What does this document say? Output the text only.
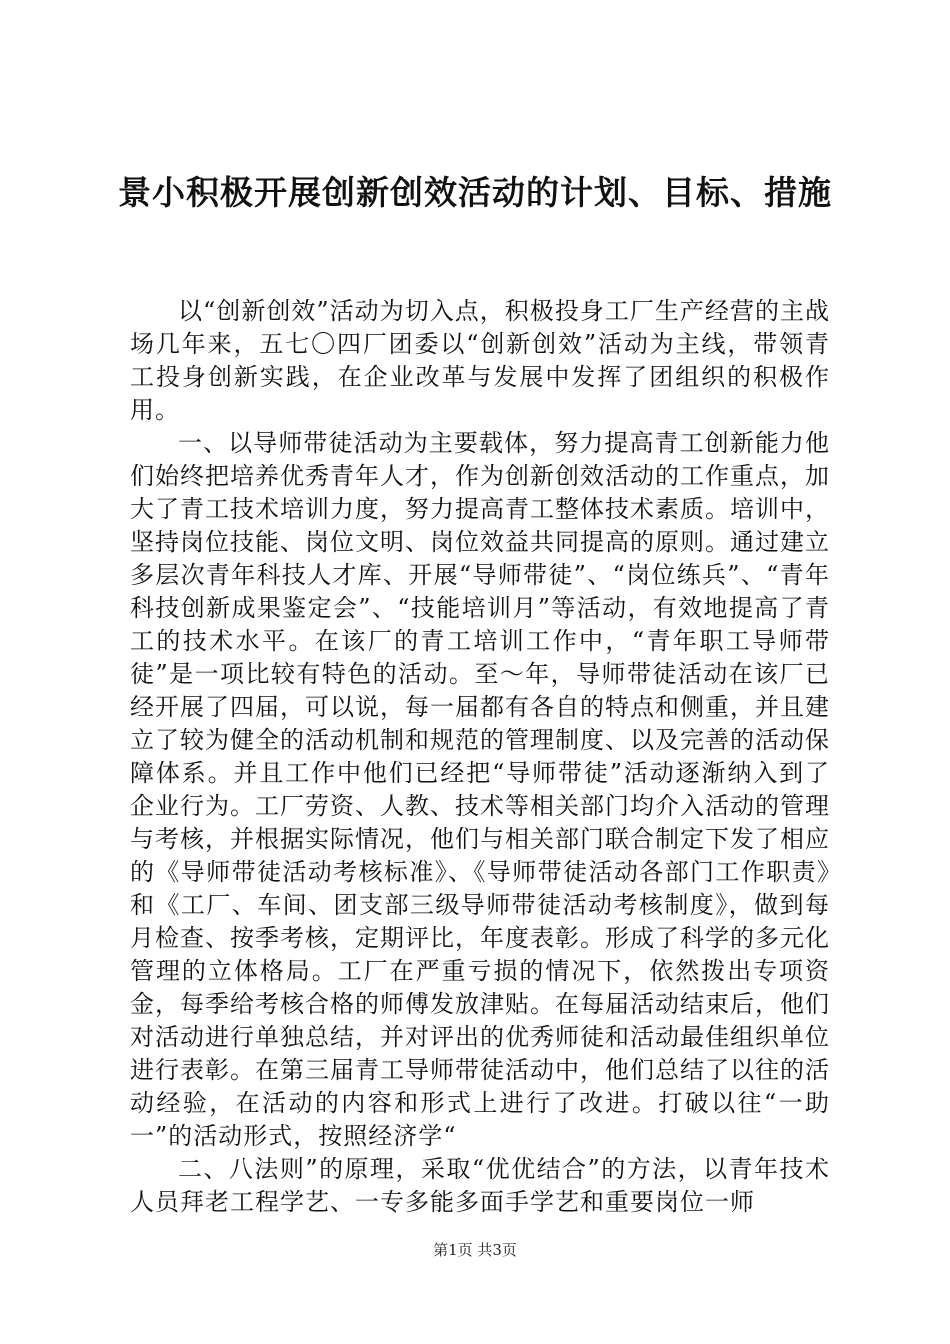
景小积极开展创新创效活动的计划、目标、措施

以“创新创效”活动为切入点，积极投身工厂生产经营的主战场几年来，五七〇四厂团委以“创新创效”活动为主线，带领青工投身创新实践，在企业改革与发展中发挥了团组织的积极作用。

一、以导师带徒活动为主要载体，努力提高青工创新能力他们始终把培养优秀青年人才，作为创新创效活动的工作重点，加大了青工技术培训力度，努力提高青工整体技术素质。培训中，坚持岗位技能、岗位文明、岗位效益共同提高的原则。通过建立多层次青年科技人才库、开展“导师带徒”、“岗位练兵”、“青年科技创新成果鉴定会”、“技能培训月”等活动，有效地提高了青工的技术水平。在该厂的青工培训工作中，“青年职工导师带徒”是一项比较有特色的活动。至～年，导师带徒活动在该厂已经开展了四届，可以说，每一届都有各自的特点和侧重，并且建立了较为健全的活动机制和规范的管理制度、以及完善的活动保障体系。并且工作中他们已经把“导师带徒”活动逐渐纳入到了企业行为。工厂劳资、人教、技术等相关部门均介入活动的管理与考核，并根据实际情况，他们与相关部门联合制定下发了相应的《导师带徒活动考核标准》、《导师带徒活动各部门工作职责》和《工厂、车间、团支部三级导师带徒活动考核制度》，做到每月检查、按季考核，定期评比，年度表彰。形成了科学的多元化管理的立体格局。工厂在严重亏损的情况下，依然拨出专项资金，每季给考核合格的师傅发放津贴。在每届活动结束后，他们对活动进行单独总结，并对评出的优秀师徒和活动最佳组织单位进行表彰。在第三届青工导师带徒活动中，他们总结了以往的活动经验，在活动的内容和形式上进行了改进。打破以往“一助一”的活动形式，按照经济学“

二、八法则”的原理，采取“优优结合”的方法，以青年技术人员拜老工程学艺、一专多能多面手学艺和重要岗位一师

第1页 共3页
